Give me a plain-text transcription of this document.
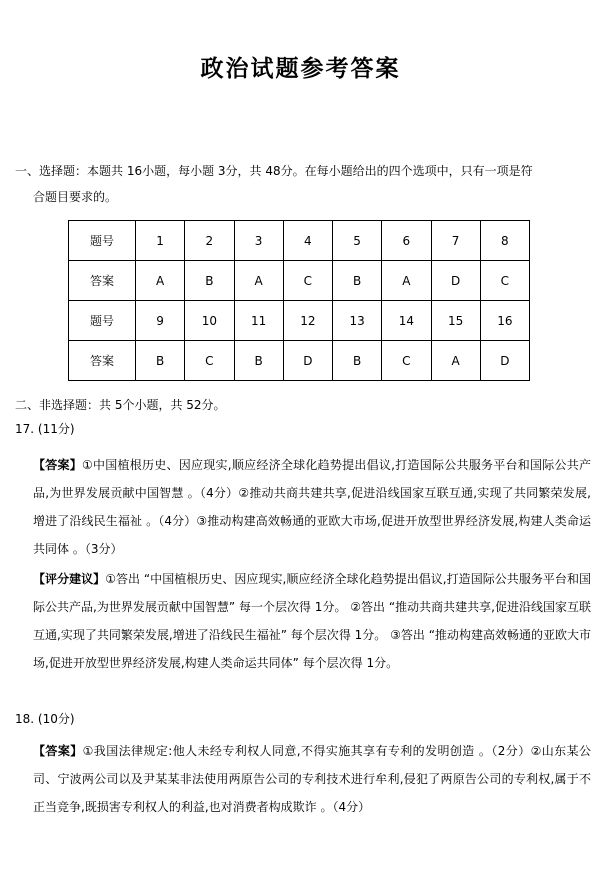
政治试题参考答案
一、选择题：本题共 16小题，每小题 3分，共 48分。在每小题给出的四个选项中，只有一项是符
合题目要求的。
题号	1	2	3	4	5	6	7	8
答案	A	B	A	C	B	A	D	C
题号	9	10	11	12	13	14	15	16
答案	B	C	B	D	B	C	A	D
二、非选择题：共 5个小题，共 52分。
17. (11分)
【答案】①中国植根历史、因应现实,顺应经济全球化趋势提出倡议,打造国际公共服务平台和国际公共产品,为世界发展贡献中国智慧 。（4分）②推动共商共建共享,促进沿线国家互联互通,实现了共同繁荣发展,增进了沿线民生福祉 。（4分）③推动构建高效畅通的亚欧大市场,促进开放型世界经济发展,构建人类命运共同体 。（3分）
【评分建议】①答出 “中国植根历史、因应现实,顺应经济全球化趋势提出倡议,打造国际公共服务平台和国际公共产品,为世界发展贡献中国智慧” 每一个层次得 1分。 ②答出 “推动共商共建共享,促进沿线国家互联互通,实现了共同繁荣发展,增进了沿线民生福祉” 每个层次得 1分。 ③答出 “推动构建高效畅通的亚欧大市场,促进开放型世界经济发展,构建人类命运共同体” 每个层次得 1分。
18. (10分)
【答案】①我国法律规定:他人未经专利权人同意,不得实施其享有专利的发明创造 。（2分）②山东某公司、宁波两公司以及尹某某非法使用两原告公司的专利技术进行牟利,侵犯了两原告公司的专利权,属于不正当竞争,既损害专利权人的利益,也对消费者构成欺诈 。（4分）
